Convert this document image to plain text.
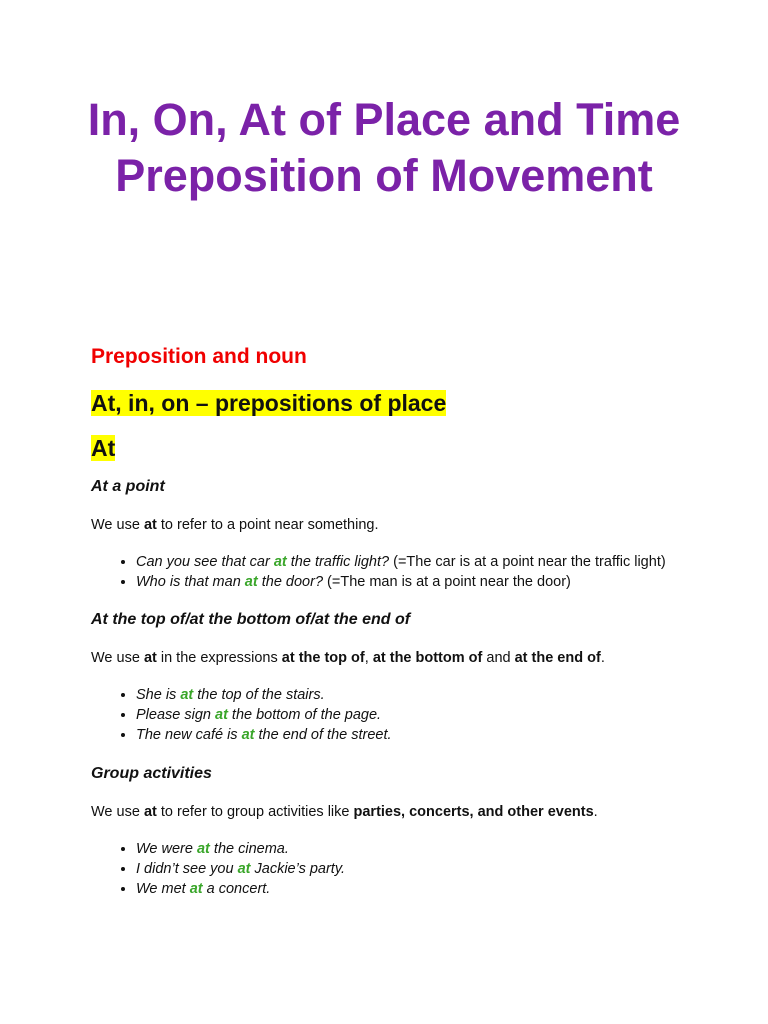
In, On, At of Place and Time
Preposition of Movement
Preposition and noun
At, in, on – prepositions of place
At
At a point

We use at to refer to a point near something.

• Can you see that car at the traffic light? (=The car is at a point near the traffic light)
• Who is that man at the door? (=The man is at a point near the door)
At the top of/at the bottom of/at the end of

We use at in the expressions at the top of, at the bottom of and at the end of.

• She is at the top of the stairs.
• Please sign at the bottom of the page.
• The new café is at the end of the street.
Group activities

We use at to refer to group activities like parties, concerts, and other events.

• We were at the cinema.
• I didn’t see you at Jackie’s party.
• We met at a concert.
